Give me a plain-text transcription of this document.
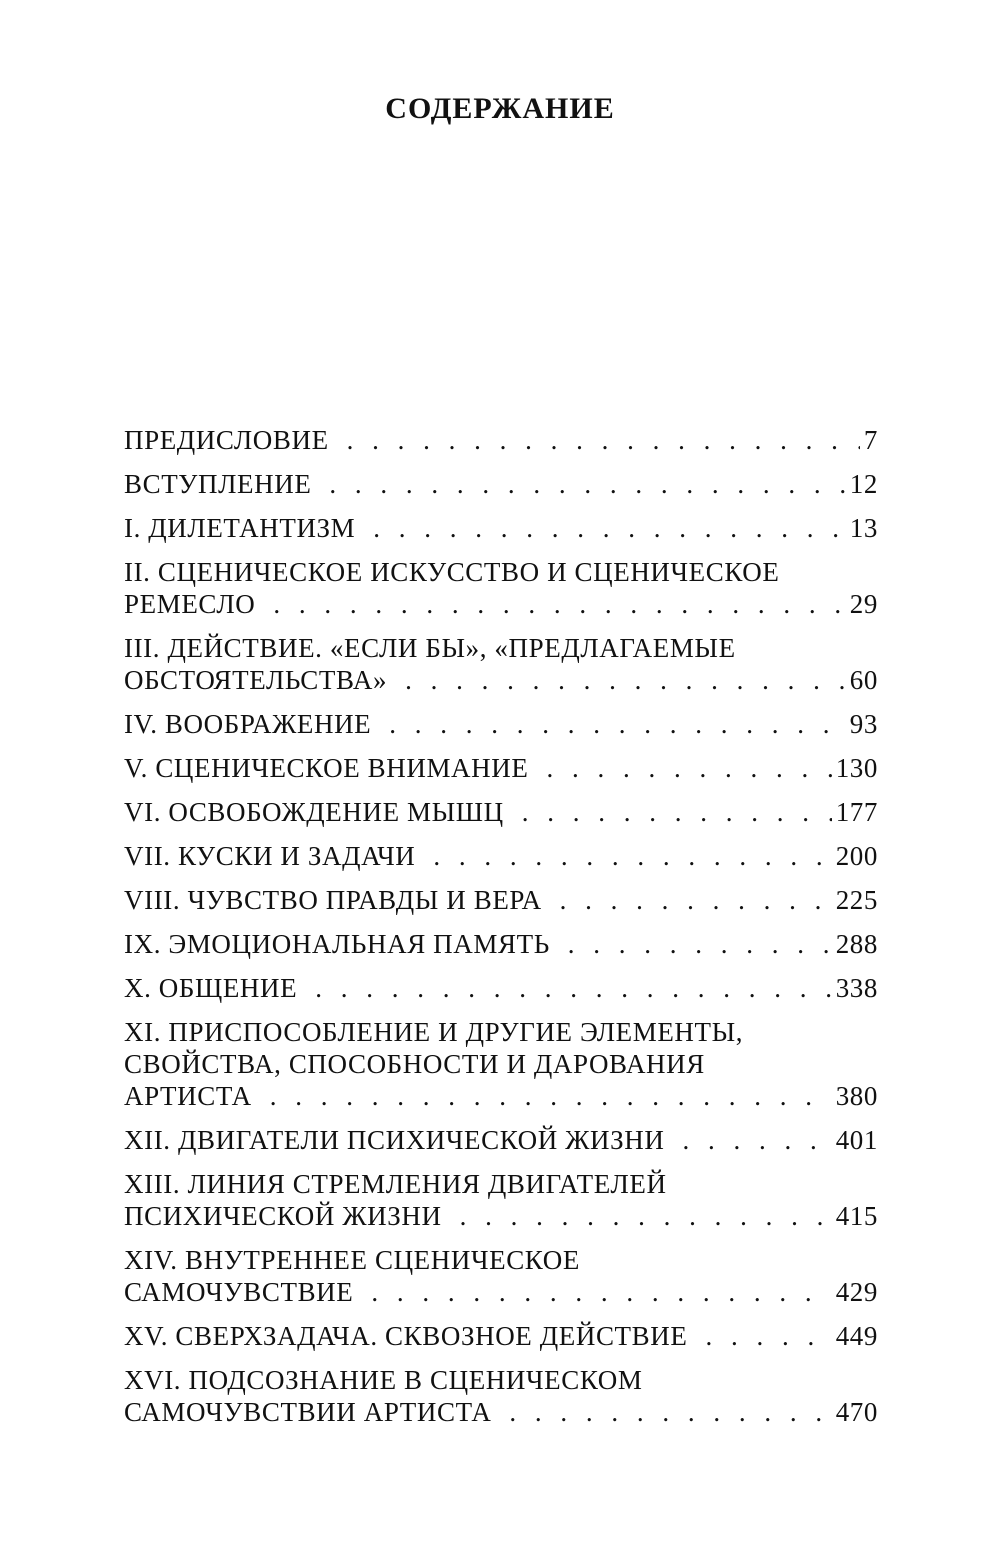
СОДЕРЖАНИЕ
ПРЕДИСЛОВИЕ . . .	7
ВСТУПЛЕНИЕ . . .	12
I. ДИЛЕТАНТИЗМ . . .	13
II. СЦЕНИЧЕСКОЕ ИСКУССТВО И СЦЕНИЧЕСКОЕ
РЕМЕСЛО . . .	29
III. ДЕЙСТВИЕ. «ЕСЛИ БЫ», «ПРЕДЛАГАЕМЫЕ
ОБСТОЯТЕЛЬСТВА» . . .	60
IV. ВООБРАЖЕНИЕ . . .	93
V. СЦЕНИЧЕСКОЕ ВНИМАНИЕ . . .	130
VI. ОСВОБОЖДЕНИЕ МЫШЦ . . .	177
VII. КУСКИ И ЗАДАЧИ . . .	200
VIII. ЧУВСТВО ПРАВДЫ И ВЕРА . . .	225
IX. ЭМОЦИОНАЛЬНАЯ ПАМЯТЬ . . .	288
X. ОБЩЕНИЕ . . .	338
XI. ПРИСПОСОБЛЕНИЕ И ДРУГИЕ ЭЛЕМЕНТЫ,
СВОЙСТВА, СПОСОБНОСТИ И ДАРОВАНИЯ
АРТИСТА . . .	380
XII. ДВИГАТЕЛИ ПСИХИЧЕСКОЙ ЖИЗНИ . . .	401
XIII. ЛИНИЯ СТРЕМЛЕНИЯ ДВИГАТЕЛЕЙ
ПСИХИЧЕСКОЙ ЖИЗНИ . . .	415
XIV. ВНУТРЕННЕЕ СЦЕНИЧЕСКОЕ
САМОЧУВСТВИЕ . . .	429
XV. СВЕРХЗАДАЧА. СКВОЗНОЕ ДЕЙСТВИЕ . . .	449
XVI. ПОДСОЗНАНИЕ В СЦЕНИЧЕСКОМ
САМОЧУВСТВИИ АРТИСТА . . .	470
